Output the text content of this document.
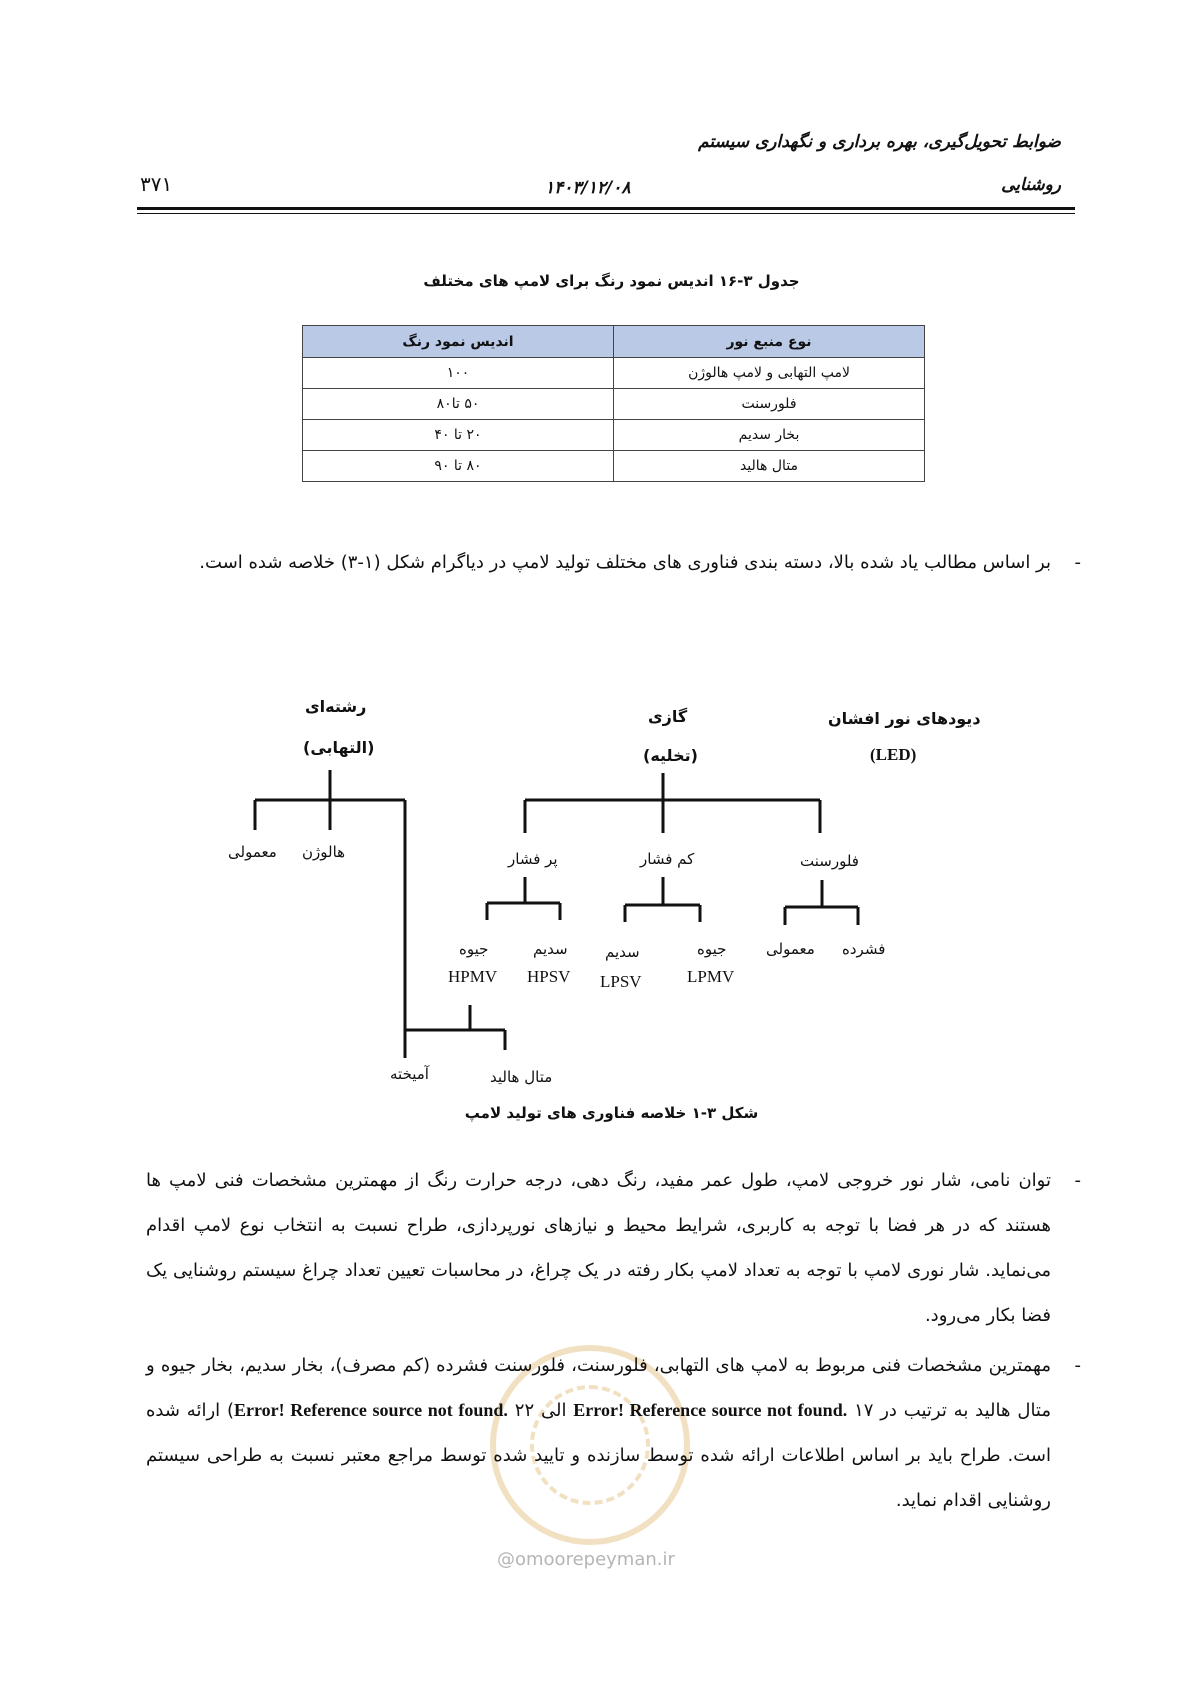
ضوابط تحویل‌گیری، بهره برداری و نگهداری سیستم
روشنایی
۱۴۰۳/۱۲/۰۸
۳۷۱
جدول ۳-۱۶ اندیس نمود رنگ برای لامپ های مختلف
نوع منبع نور	اندیس نمود رنگ
لامپ التهابی و لامپ هالوژن	۱۰۰
فلورسنت	۵۰ تا۸۰
بخار سدیم	۲۰ تا ۴۰
متال هالید	۸۰ تا ۹۰
-
بر اساس مطالب یاد شده بالا، دسته بندی فناوری های مختلف تولید لامپ در دیاگرام شکل (۱-۳) خلاصه شده است.
رشته‌ای
(التهابی)
گازی
(تخلیه)
دیودهای نور افشان
(LED)
معمولی هالوژن	پر فشار	کم فشار	فلورسنت
جیوه
HPMV
سدیم
HPSV
سدیم
LPSV
جیوه
LPMV
معمولی فشرده
آمیخته	متال هالید
شکل ۳-۱ خلاصه فناوری های تولید لامپ
-
توان نامی، شار نور خروجی لامپ، طول عمر مفید، رنگ دهی، درجه حرارت رنگ از مهمترین مشخصات فنی لامپ ها هستند که در هر فضا با توجه به کاربری، شرایط محیط و نیازهای نورپردازی، طراح نسبت به انتخاب نوع لامپ اقدام می‌نماید. شار نوری لامپ با توجه به تعداد لامپ بکار رفته در یک چراغ، در محاسبات تعیین تعداد چراغ سیستم روشنایی یک فضا بکار می‌رود.
-
مهمترین مشخصات فنی مربوط به لامپ های التهابی، فلورسنت، فلورسنت فشرده (کم مصرف)، بخار سدیم، بخار جیوه و متال هالید به ترتیب در Error! Reference source not found. ۱۷ الی Error! Reference source not found. ۲۲) ارائه شده است. طراح باید بر اساس اطلاعات ارائه شده توسط سازنده و تایید شده توسط مراجع معتبر نسبت به طراحی سیستم روشنایی اقدام نماید.
@omoorepeyman.ir
